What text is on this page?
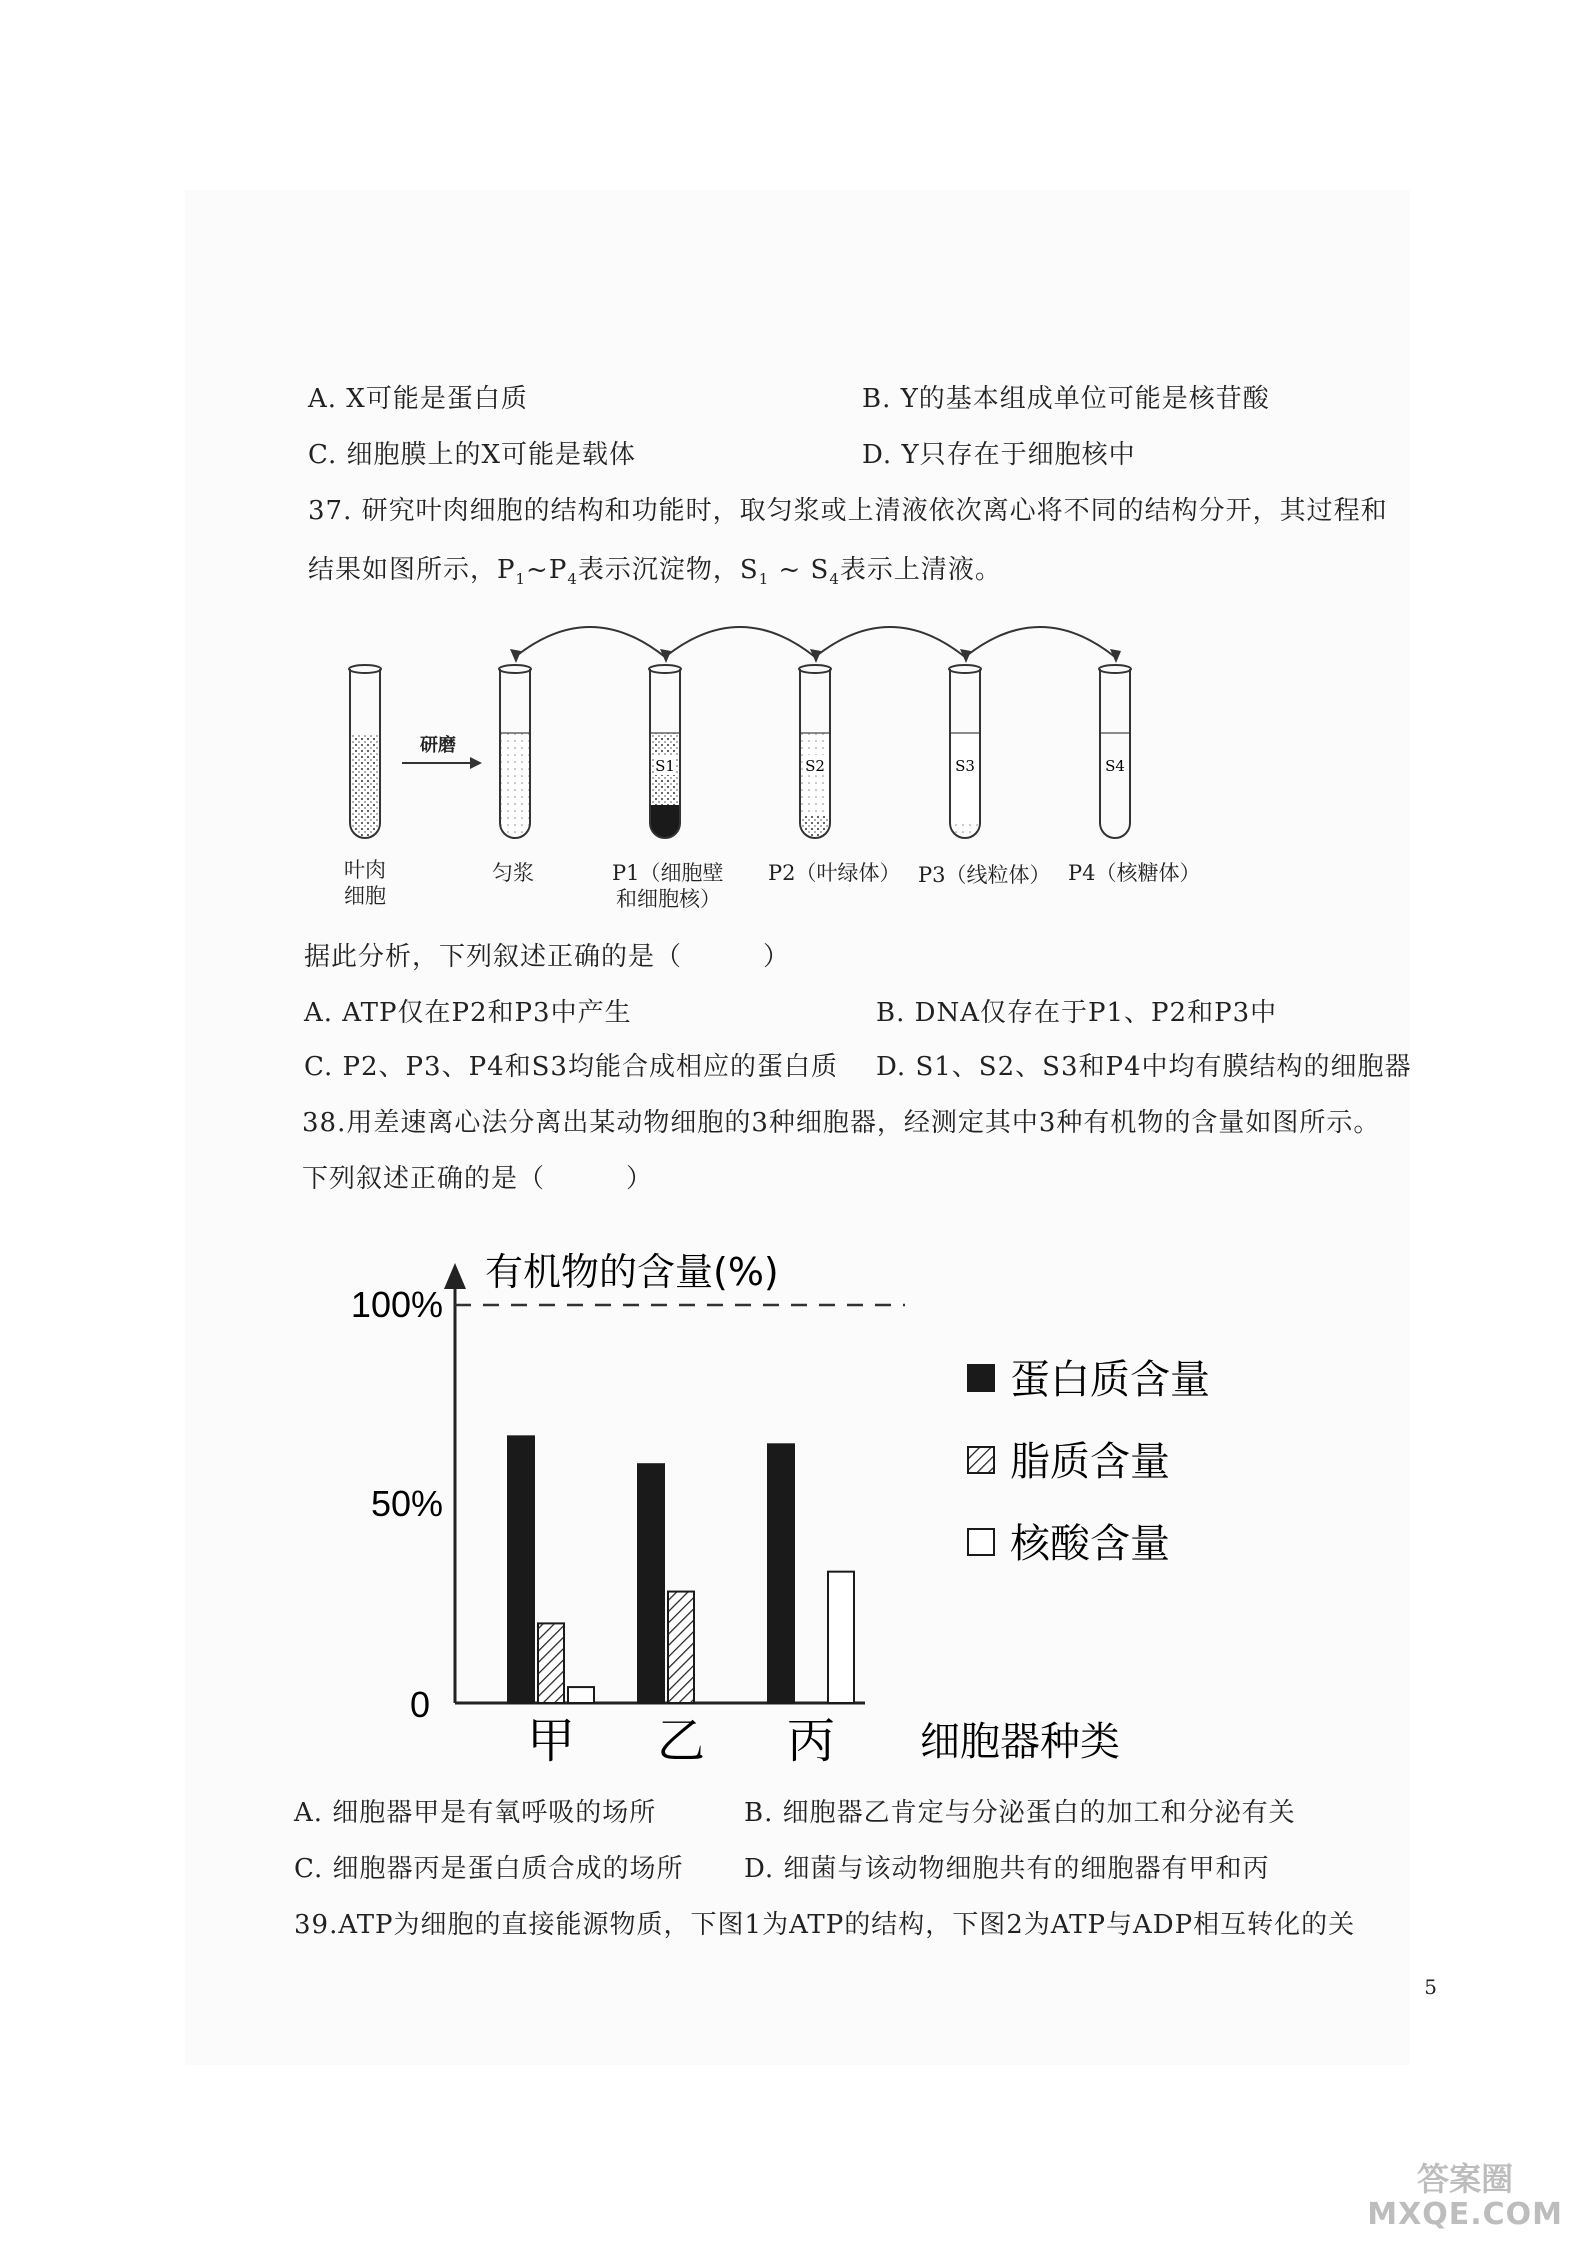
A. X可能是蛋白质	B. Y的基本组成单位可能是核苷酸
C. 细胞膜上的X可能是载体	D. Y只存在于细胞核中
37. 研究叶肉细胞的结构和功能时，取匀浆或上清液依次离心将不同的结构分开，其过程和
结果如图所示，$P_1\sim P_4$表示沉淀物，$S_1$ ~ $S_4$表示上清液。
研磨
S1	S2	S3	S4
叶肉
细胞
匀浆	P1（细胞壁
和细胞核）
P2（叶绿体） P3（线粒体） P4（核糖体）
据此分析，下列叙述正确的是（　　　）
A. ATP仅在P2和P3中产生	B. DNA仅存在于P1、P2和P3中
C. P2、P3、P4和S3均能合成相应的蛋白质 D. S1、S2、S3和P4中均有膜结构的细胞器
38.用差速离心法分离出某动物细胞的3种细胞器，经测定其中3种有机物的含量如图所示。
下列叙述正确的是（　　　）
100%
50%
0
有机物的含量(%)
细胞器种类
甲 乙 丙
蛋白质含量
脂质含量
核酸含量
A. 细胞器甲是有氧呼吸的场所	B. 细胞器乙肯定与分泌蛋白的加工和分泌有关
C. 细胞器丙是蛋白质合成的场所 D. 细菌与该动物细胞共有的细胞器有甲和丙
39.ATP为细胞的直接能源物质，下图1为ATP的结构，下图2为ATP与ADP相互转化的关
5
答案圈
MXQE.COM
